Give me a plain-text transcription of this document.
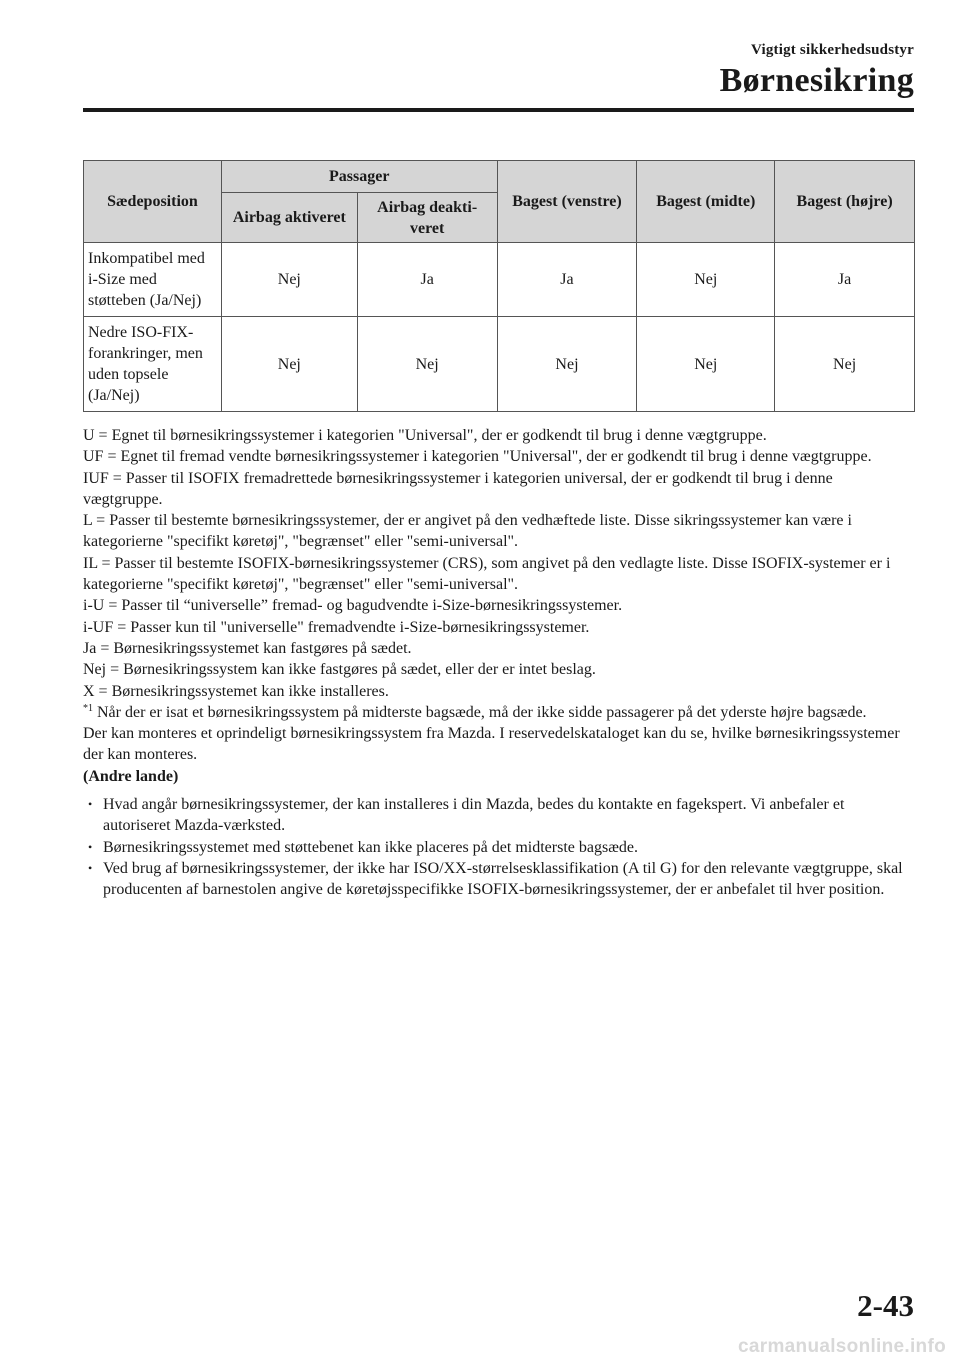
Vigtigt sikkerhedsudstyr
Børnesikring
Sædeposition	Passager		Bagest (venstre)	Bagest (midte)	Bagest (højre)
	Airbag aktiveret	Airbag deakti-veret			
Inkompatibel med i-Size med støtteben (Ja/Nej)	Nej	Ja	Ja	Nej	Ja
Nedre ISO-FIX-forankringer, men uden topsele (Ja/Nej)	Nej	Nej	Nej	Nej	Nej

U = Egnet til børnesikringssystemer i kategorien "Universal", der er godkendt til brug i denne vægtgruppe.

UF = Egnet til fremad vendte børnesikringssystemer i kategorien "Universal", der er godkendt til brug i denne vægtgruppe.

IUF = Passer til ISOFIX fremadrettede børnesikringssystemer i kategorien universal, der er godkendt til brug i denne vægtgruppe.

L = Passer til bestemte børnesikringssystemer, der er angivet på den vedhæftede liste. Disse sikringssystemer kan være i kategorierne "specifikt køretøj", "begrænset" eller "semi-universal".

IL = Passer til bestemte ISOFIX-børnesikringssystemer (CRS), som angivet på den vedlagte liste. Disse ISOFIX-systemer er i kategorierne "specifikt køretøj", "begrænset" eller "semi-universal".

i-U = Passer til “universelle” fremad- og bagudvendte i-Size-børnesikringssystemer.

i-UF = Passer kun til "universelle" fremadvendte i-Size-børnesikringssystemer.

Ja = Børnesikringssystemet kan fastgøres på sædet.

Nej = Børnesikringssystem kan ikke fastgøres på sædet, eller der er intet beslag.

X = Børnesikringssystemet kan ikke installeres.

$^{*1}$ Når der er isat et børnesikringssystem på midterste bagsæde, må der ikke sidde passagerer på det yderste højre bagsæde.

Der kan monteres et oprindeligt børnesikringssystem fra Mazda. I reservedelskataloget kan du se, hvilke børnesikringssystemer der kan monteres.

(Andre lande)

• Hvad angår børnesikringssystemer, der kan installeres i din Mazda, bedes du kontakte en fagekspert. Vi anbefaler et autoriseret Mazda-værksted.
• Børnesikringssystemet med støttebenet kan ikke placeres på det midterste bagsæde.
• Ved brug af børnesikringssystemer, der ikke har ISO/XX-størrelsesklassifikation (A til G) for den relevante vægtgruppe, skal producenten af barnestolen angive de køretøjsspecifikke ISOFIX-børnesikringssystemer, der er anbefalet til hver position.
2-43
carmanualsonline.info
